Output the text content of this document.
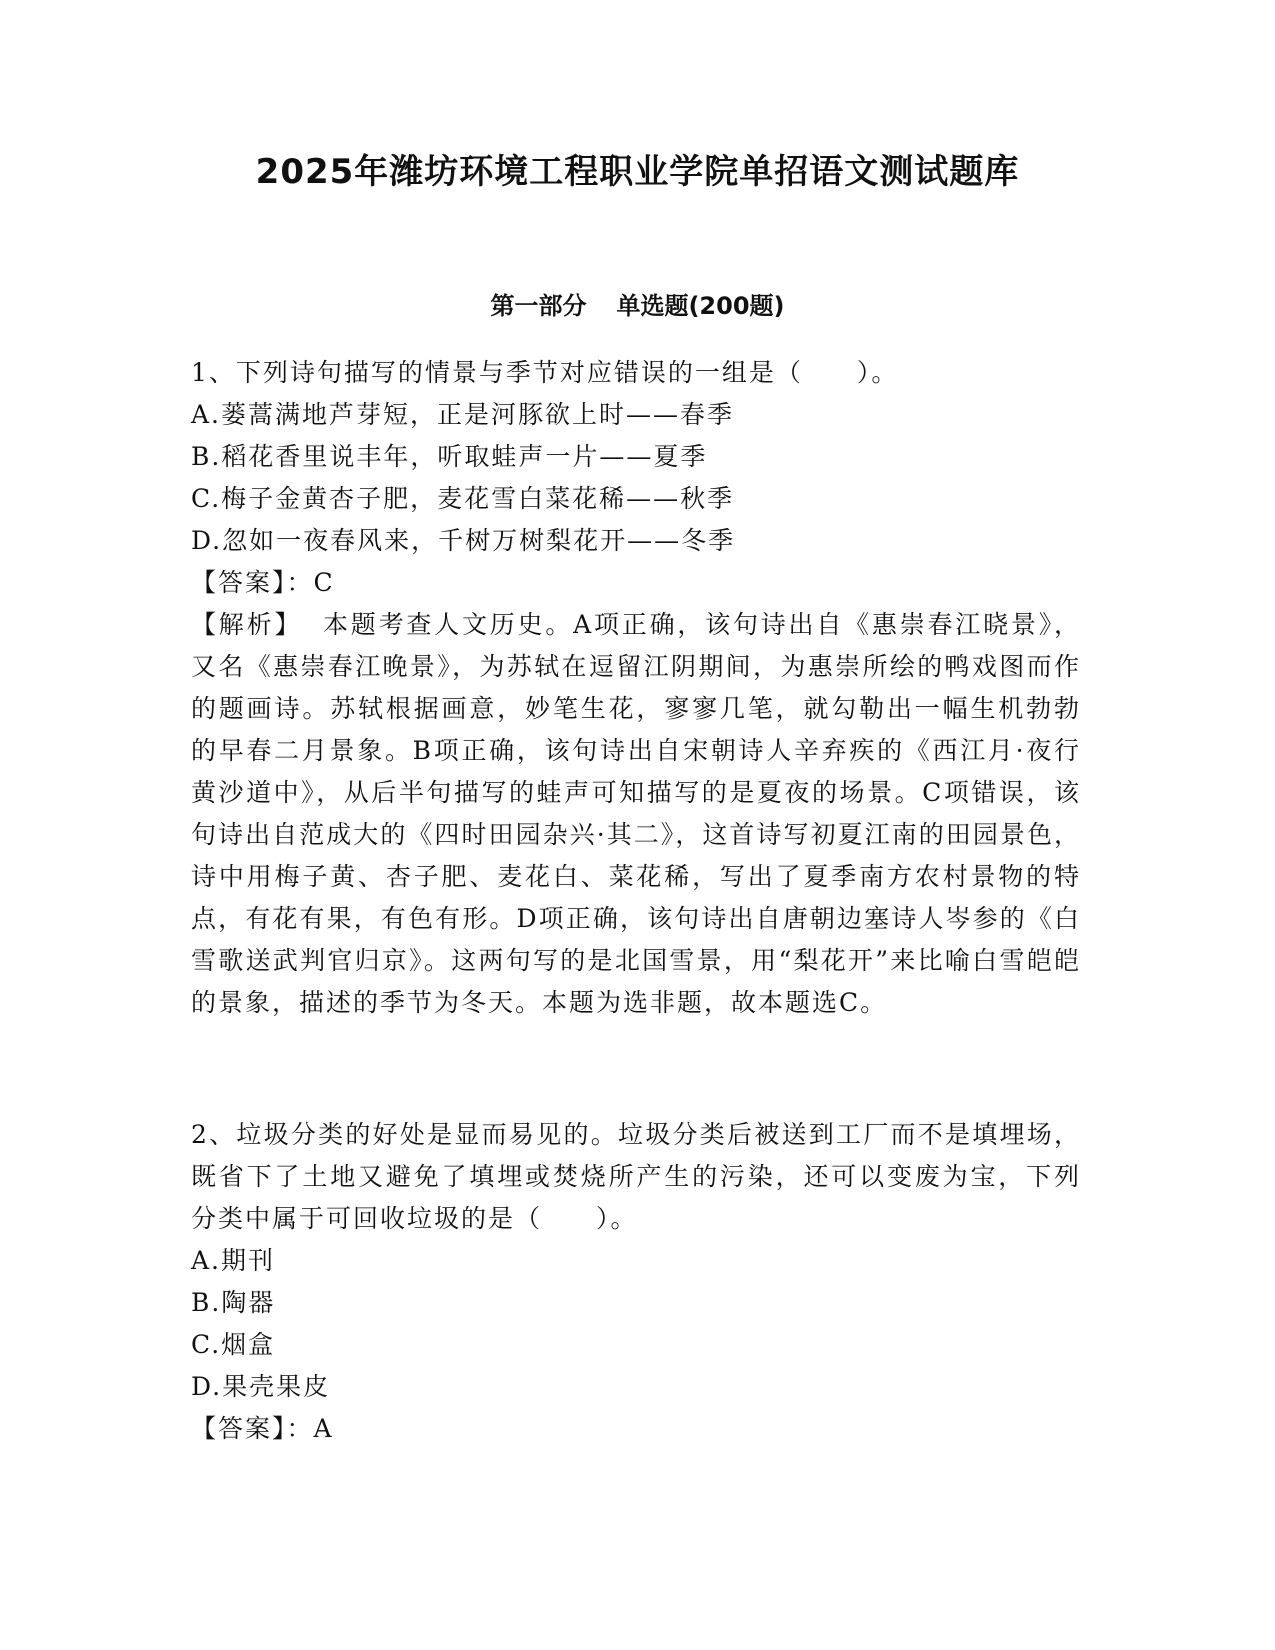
2025年潍坊环境工程职业学院单招语文测试题库
第一部分 单选题(200题)
1、下列诗句描写的情景与季节对应错误的一组是（　　）。
A.蒌蒿满地芦芽短，正是河豚欲上时——春季
B.稻花香里说丰年，听取蛙声一片——夏季
C.梅子金黄杏子肥，麦花雪白菜花稀——秋季
D.忽如一夜春风来，千树万树梨花开——冬季
【答案】：C
【解析】 本题考查人文历史。A项正确，该句诗出自《惠崇春江晓景》，又名《惠崇春江晚景》，为苏轼在逗留江阴期间，为惠崇所绘的鸭戏图而作的题画诗。苏轼根据画意，妙笔生花，寥寥几笔，就勾勒出一幅生机勃勃的早春二月景象。B项正确，该句诗出自宋朝诗人辛弃疾的《西江月·夜行黄沙道中》，从后半句描写的蛙声可知描写的是夏夜的场景。C项错误，该句诗出自范成大的《四时田园杂兴·其二》，这首诗写初夏江南的田园景色，诗中用梅子黄、杏子肥、麦花白、菜花稀，写出了夏季南方农村景物的特点，有花有果，有色有形。D项正确，该句诗出自唐朝边塞诗人岑参的《白雪歌送武判官归京》。这两句写的是北国雪景，用“梨花开”来比喻白雪皑皑的景象，描述的季节为冬天。本题为选非题，故本题选C。
2、垃圾分类的好处是显而易见的。垃圾分类后被送到工厂而不是填埋场，既省下了土地又避免了填埋或焚烧所产生的污染，还可以变废为宝，下列分类中属于可回收垃圾的是（　　）。
A.期刊
B.陶器
C.烟盒
D.果壳果皮
【答案】：A
